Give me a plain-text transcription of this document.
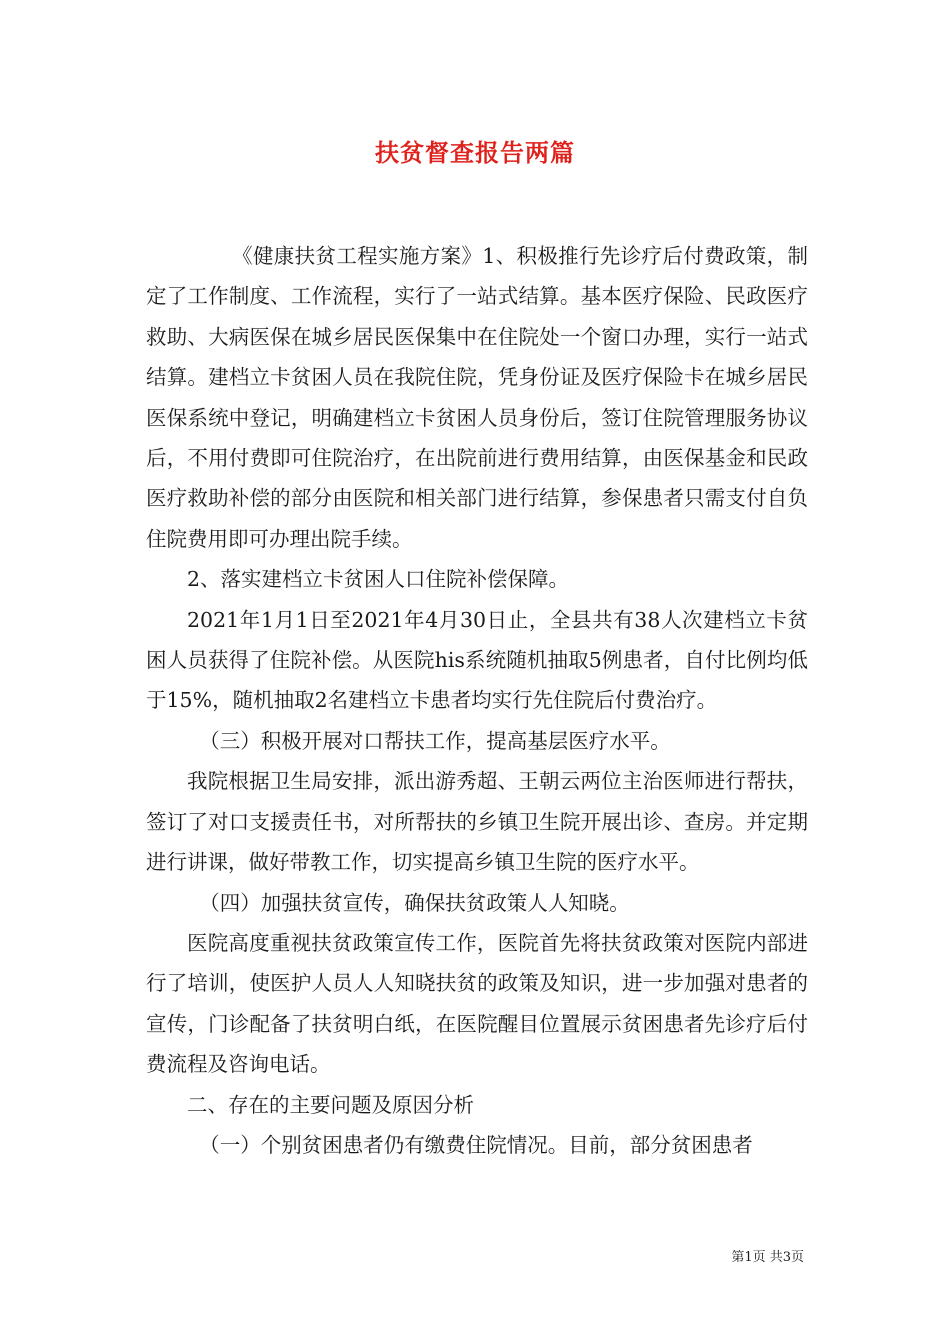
扶贫督查报告两篇

《健康扶贫工程实施方案》1、积极推行先诊疗后付费政策，制定了工作制度、工作流程，实行了一站式结算。基本医疗保险、民政医疗救助、大病医保在城乡居民医保集中在住院处一个窗口办理，实行一站式结算。建档立卡贫困人员在我院住院，凭身份证及医疗保险卡在城乡居民医保系统中登记，明确建档立卡贫困人员身份后，签订住院管理服务协议后，不用付费即可住院治疗，在出院前进行费用结算，由医保基金和民政医疗救助补偿的部分由医院和相关部门进行结算，参保患者只需支付自负住院费用即可办理出院手续。

2、落实建档立卡贫困人口住院补偿保障。

2021年1月1日至2021年4月30日止，全县共有38人次建档立卡贫困人员获得了住院补偿。从医院his系统随机抽取5例患者，自付比例均低于15%，随机抽取2名建档立卡患者均实行先住院后付费治疗。

（三）积极开展对口帮扶工作，提高基层医疗水平。

我院根据卫生局安排，派出游秀超、王朝云两位主治医师进行帮扶，签订了对口支援责任书，对所帮扶的乡镇卫生院开展出诊、查房。并定期进行讲课，做好带教工作，切实提高乡镇卫生院的医疗水平。

（四）加强扶贫宣传，确保扶贫政策人人知晓。

医院高度重视扶贫政策宣传工作，医院首先将扶贫政策对医院内部进行了培训，使医护人员人人知晓扶贫的政策及知识，进一步加强对患者的宣传，门诊配备了扶贫明白纸，在医院醒目位置展示贫困患者先诊疗后付费流程及咨询电话。

二、存在的主要问题及原因分析

（一）个别贫困患者仍有缴费住院情况。目前，部分贫困患者

第1页 共3页
